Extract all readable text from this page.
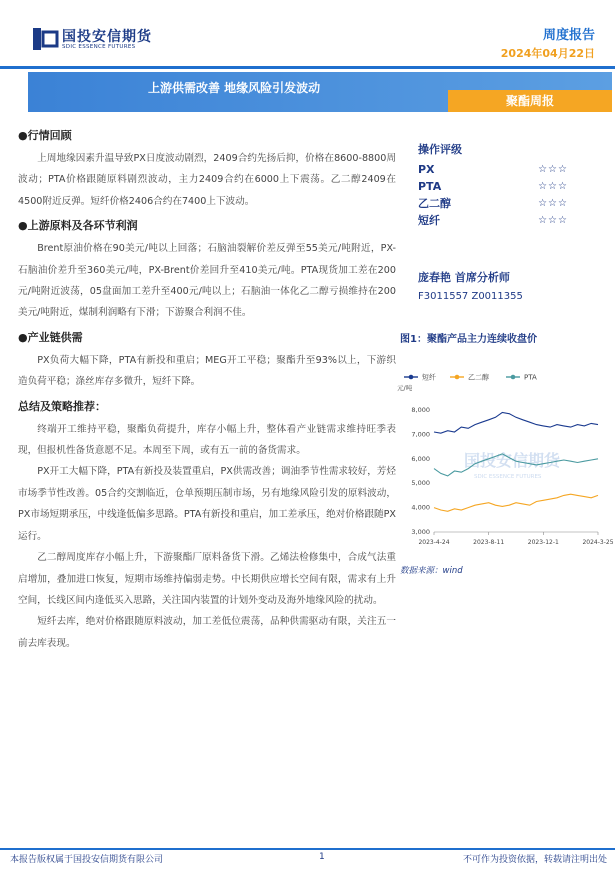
国投安信期货
SDIC ESSENCE FUTURES
周度报告
2024年04月22日
上游供需改善 地缘风险引发波动
聚酯周报
●行情回顾

上周地缘因素升温导致PX日度波动剧烈，2409合约先扬后抑，价格在8600-8800周波动；PTA价格跟随原料剧烈波动，主力2409合约在6000上下震荡。乙二醇2409在4500附近反弹。短纤价格2406合约在7400上下波动。

●上游原料及各环节利润

Brent原油价格在90美元/吨以上回落；石脑油裂解价差反弹至55美元/吨附近，PX-石脑油价差升至360美元/吨，PX-Brent价差回升至410美元/吨。PTA现货加工差在200元/吨附近波荡，05盘面加工差升至400元/吨以上；石脑油一体化乙二醇亏损维持在200美元/吨附近，煤制利润略有下滑；下游聚合利润不佳。

●产业链供需

PX负荷大幅下降，PTA有新投和重启；MEG开工平稳；聚酯升至93%以上，下游织造负荷平稳；涤丝库存多微升，短纤下降。

总结及策略推荐：

终端开工维持平稳，聚酯负荷提升，库存小幅上升，整体看产业链需求维持旺季表现，但报机性备货意愿不足。本周至下周，或有五一前的备货需求。

PX开工大幅下降，PTA有新投及装置重启，PX供需改善；调油季节性需求较好，芳烃市场季节性改善。05合约交割临近，仓单预期压制市场，另有地缘风险引发的原料波动，PX市场短期承压，中线逢低偏多思路。PTA有新投和重启，加工差承压，绝对价格跟随PX运行。

乙二醇周度库存小幅上升，下游聚酯厂原料备货下滑。乙烯法检修集中，合成气法重启增加，叠加进口恢复，短期市场维持偏弱走势。中长期供应增长空间有限，需求有上升空间，长线区间内逢低买入思路，关注国内装置的计划外变动及海外地缘风险的扰动。

短纤去库，绝对价格跟随原料波动，加工差低位震荡，品种供需驱动有限，关注五一前去库表现。

操作评级
PX	☆☆☆
PTA	☆☆☆
乙二醇	☆☆☆
短纤	☆☆☆
庞春艳 首席分析师
F3011557 Z0011355
图1：聚酯产品主力连续收盘价
国投安信期货
SDIC ESSENCE FUTURES
短纤	乙二醇	PTA
元/吨
8,000
7,000
6,000
5,000
4,000
3,000
2023-4-24	2023-8-11	2023-12-1	2024-3-25
数据来源：wind
本报告版权属于国投安信期货有限公司	1	不可作为投资依据，转载请注明出处
